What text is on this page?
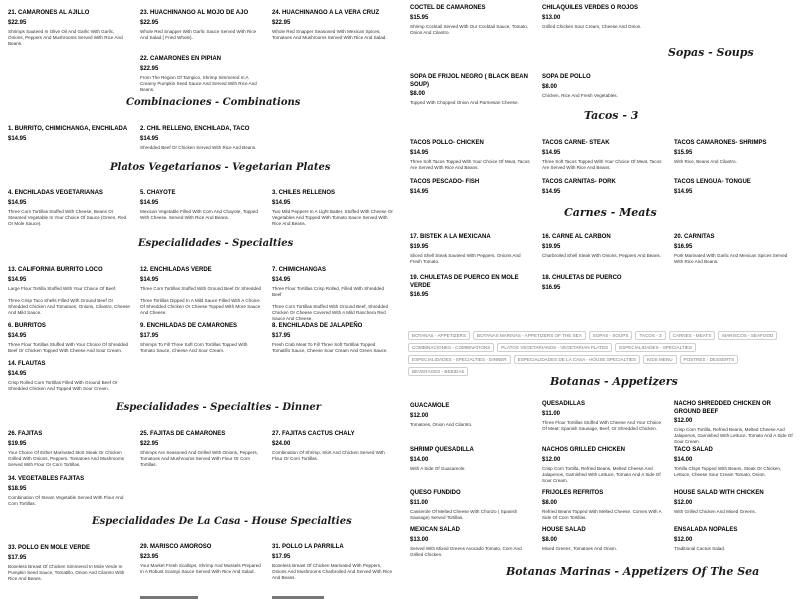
21. CAMARONES AL AJILLO
$22.95
Shrimps Sauteed In Olive Oil And Garlic With Garlic, Onions, Peppers And Mushrooms Served With Rice And Beans.
23. HUACHINANGO AL MOJO DE AJO
$22.95
Whole Red Snapper With Garlic Sauce Served With Rice And Salad ( Fried Whole).
24. HUACHINANGO A LA VERA CRUZ
$22.95
Whole Red Snapper Seasoned With Mexican Spices, Tomatoes And Mushrooms Served With Rice And Salad.
COCTEL DE CAMARONES
$15.95
Shrimp Cocktail Served With Our Cocktail Sauce, Tomato, Onion And Cilantro.
CHILAQUILES VERDES O ROJOS
$13.00
Grilled Chicken Sour Cream, Cheese And Onion.
Sopas - Soups
SOPA DE FRIJOL NEGRO ( BLACK BEAN SOUP)
$8.00
Topped With Chopped Onion And Parmesan Cheese.
SOPA DE POLLO
$8.00
Chicken, Rice And Fresh Vegetables.
22. CAMARONES EN PIPIAN
$22.95
From The Region Of Tampico, Shrimp Simmered In A Creamy Pumpkin Seed Sauce And Served With Rice And Beans.
Combinaciones - Combinations
1. BURRITO, CHIMICHANGA, ENCHILADA
$14.95
2. CHIL RELLENO, ENCHILADA, TACO
$14.95
Shredded Beef Or Chicken Served With Rice And Beans.
Tacos - 3
TACOS POLLO- CHICKEN
$14.95
Three Soft Tacos Topped With Your Choice Of Meat, Tacos Are Served With Rice And Beans.
TACOS CARNE- STEAK
$14.95
Three Soft Tacos Topped With Your Choice Of Meat, Tacos Are Served With Rice And Beans.
TACOS CAMARONES- SHRIMPS
$15.95
With Rice, Beans And Cilantro.
TACOS PESCADO- FISH
$14.95
TACOS CARNITAS- PORK
$14.95
TACOS LENGUA- TONGUE
$14.95
Platos Vegetarianos - Vegetarian Plates
4. ENCHILADAS VEGETARIANAS
$14.95
Three Corn Tortillas Stuffed With Cheese, Beans Or Steamed Vegetable In Your Choice Of Sauce (Green, Red Or Mole Sauce).
5. CHAYOTE
$14.95
Mexican Vegetable Filled With Corn And Chayote, Topped With Cheese. Served With Rice And Beans.
3. CHILES RELLENOS
$14.95
Two Mild Peppers In A Light Batter, Stuffed With Cheese Or Vegetables And Topped With Tomato Sauce Served With Rice And Beans.
Carnes - Meats
17. BISTEK A LA MEXICANA
$19.95
Sliced Shell Steak Sauteed With Peppers, Onions And Fresh Tomato.
16. CARNE AL CARBON
$19.95
Charbroiled Shell Steak With Onions, Peppers And Beans.
20. CARNITAS
$16.95
Pork Marinated With Garlic And Mexican Spices Served With Rice And Beans.
19. CHULETAS DE PUERCO EN MOLE VERDE
$16.95
18. CHULETAS DE PUERCO
$16.95
Especialidades - Specialties
13. CALIFORNIA BURRITO LOCO
$14.95
Large Flour Tortilla Stuffed With Your Choice Of Beef.
Three Crisp Taco Shells Filled With Ground Beef Or Shredded Chicken And Tomatoes, Onions, Cilantro, Cheese And Mild Sauce.
12. ENCHILADAS VERDE
$14.95
Three Corn Tortillas Stuffed With Ground Beef Or Shredded
Three Tortillas Dipped In A Mild Sauce Filled With A Choice Of Shredded Chicken Or Cheese Topped With More Sauce And Cheese.
7. CHIMICHANGAS
$14.95
Three Flour Tortillas Crisp Rolled, Filled With Shredded Beef
Three Corn Tortillas Stuffed With Ground Beef, Shredded Chicken Or Cheese Covered With A Mild Ranchera Red Sauce And Cheese.
6. BURRITOS
$14.95
Three Flour Tortillas Stuffed With Your Choice Of Shredded Beef Or Chicken Topped With Cheese And Sour Cream.
9. ENCHILADAS DE CAMARONES
$17.95
Shrimps To Fill Three Soft Corn Tortillas Topped With Tomato Sauce, Cheese And Sour Cream.
8. ENCHILADAS DE JALAPEÑO
$17.95
Fresh Crab Meat To Fill Three Soft Tortillas Topped Tomatillo Sauce, Cheese Sour Cream And Green Sauce.
14. FLAUTAS
$14.95
Crisp Rolled Corn Tortillas Filled With Ground Beef Or Shredded Chicken And Topped With Sour Cream.
BOTANAS - APPETIZERS	BOTANAS MARINAS - APPETIZERS OF THE SEA	SOPAS - SOUPS	TACOS - 3	CARNES - MEATS	MARISCOS - SEAFOOD
COMBINACIONES - COMBINATIONS	PLATOS VEGETARIANOS - VEGETARIAN PLATES	ESPECIALIDADES - SPECIALTIES
ESPECIALIDADES - SPECIALTIES - DINNER	ESPECIALIDADES DE LA CASA - HOUSE SPECIALTIES	KIDS MENU	POSTRES - DESSERTS
BEVERAGES - BEBIDAS
Botanas - Appetizers
GUACAMOLE
$12.00
Tomatoes, Onion And Cilantro.
QUESADILLAS
$11.00
Three Flour Tortillas Stuffed With Cheese And Your Choice Of Meat: Spanish Sausage, Beef, Or Shredded Chicken.
NACHO SHREDDED CHICKEN OR GROUND BEEF
$12.00
Crisp Corn Tortilla, Refried Beans, Melted Cheese And Jalapenos, Garnished With Lettuce, Tomato And A Side Of Sour Cream.
SHRIMP QUESADILLA
$14.00
With A Side Of Guacamole.
NACHOS GRILLED CHICKEN
$12.00
Crisp Corn Tortilla, Refried Beans, Melted Cheese And Jalapenos, Garnished With Lettuce, Tomato And A Side Of Sour Cream.
TACO SALAD
$14.00
Tortilla Chips Topped With Beans, Steak Or Chicken, Lettuce, Cheese Sour Cream Tomato, Onion.
HOUSE SALAD WITH CHICKEN
$12.00
With Grilled Chicken And Mixed Greens.
Especialidades - Specialties - Dinner
26. FAJITAS
$19.95
Your Choice Of Either Marinated Skirt Steak Or Chicken Grilled With Onions, Peppers, Tomatoes And Mushrooms Served With Flour Or Corn Tortillas.
25. FAJITAS DE CAMARONES
$22.95
Shrimps Are Seasoned And Grilled With Onions, Peppers, Tomatoes And Mushrooms Served With Flour Or Corn Tortillas.
27. FAJITAS CACTUS CHALY
$24.00
Combination Of Shrimp, Skirt And Chicken Served With Flour Or Corn Tortillas.
34. VEGETABLES FAJITAS
$18.95
Combination Of Steam Vegetable Served With Flour And Corn Tortillas.
QUESO FUNDIDO
$11.00
Casserole Of Melted Cheese With Chorizo ( Spanish Sausage) Served Tortillas.
FRIJOLES REFRITOS
$8.00
Refried Beans Topped With Melted Cheese. Comes With A Side Of Corn Tortillas.
MEXICAN SALAD
$13.00
Served With Mixed Greens Avocado Tomato, Corn And Grilled Chicken.
HOUSE SALAD
$8.00
Mixed Greens, Tomatoes And Onion.
ENSALADA NOPALES
$12.00
Traditional Cactus Salad.
Especialidades De La Casa - House Specialties
33. POLLO EN MOLE VERDE
$17.95
Boneless Breast Of Chicken Simmered In Mole Verde In Pumpkin Seed Sauce, Tomatillo, Onion And Cilantro With Rice And Beans.
29. MARISCO AMOROSO
$23.95
Your Market Fresh Scallops, Shrimp And Mussels Prepared In A Robust Scampi Sauce Served With Rice And Salad.
31. POLLO LA PARRILLA
$17.95
Boneless Breast Of Chicken Marinated With Peppers, Onions And Mushrooms Charbroiled And Served With Rice And Beans.	Botanas Marinas - Appetizers Of The Sea
